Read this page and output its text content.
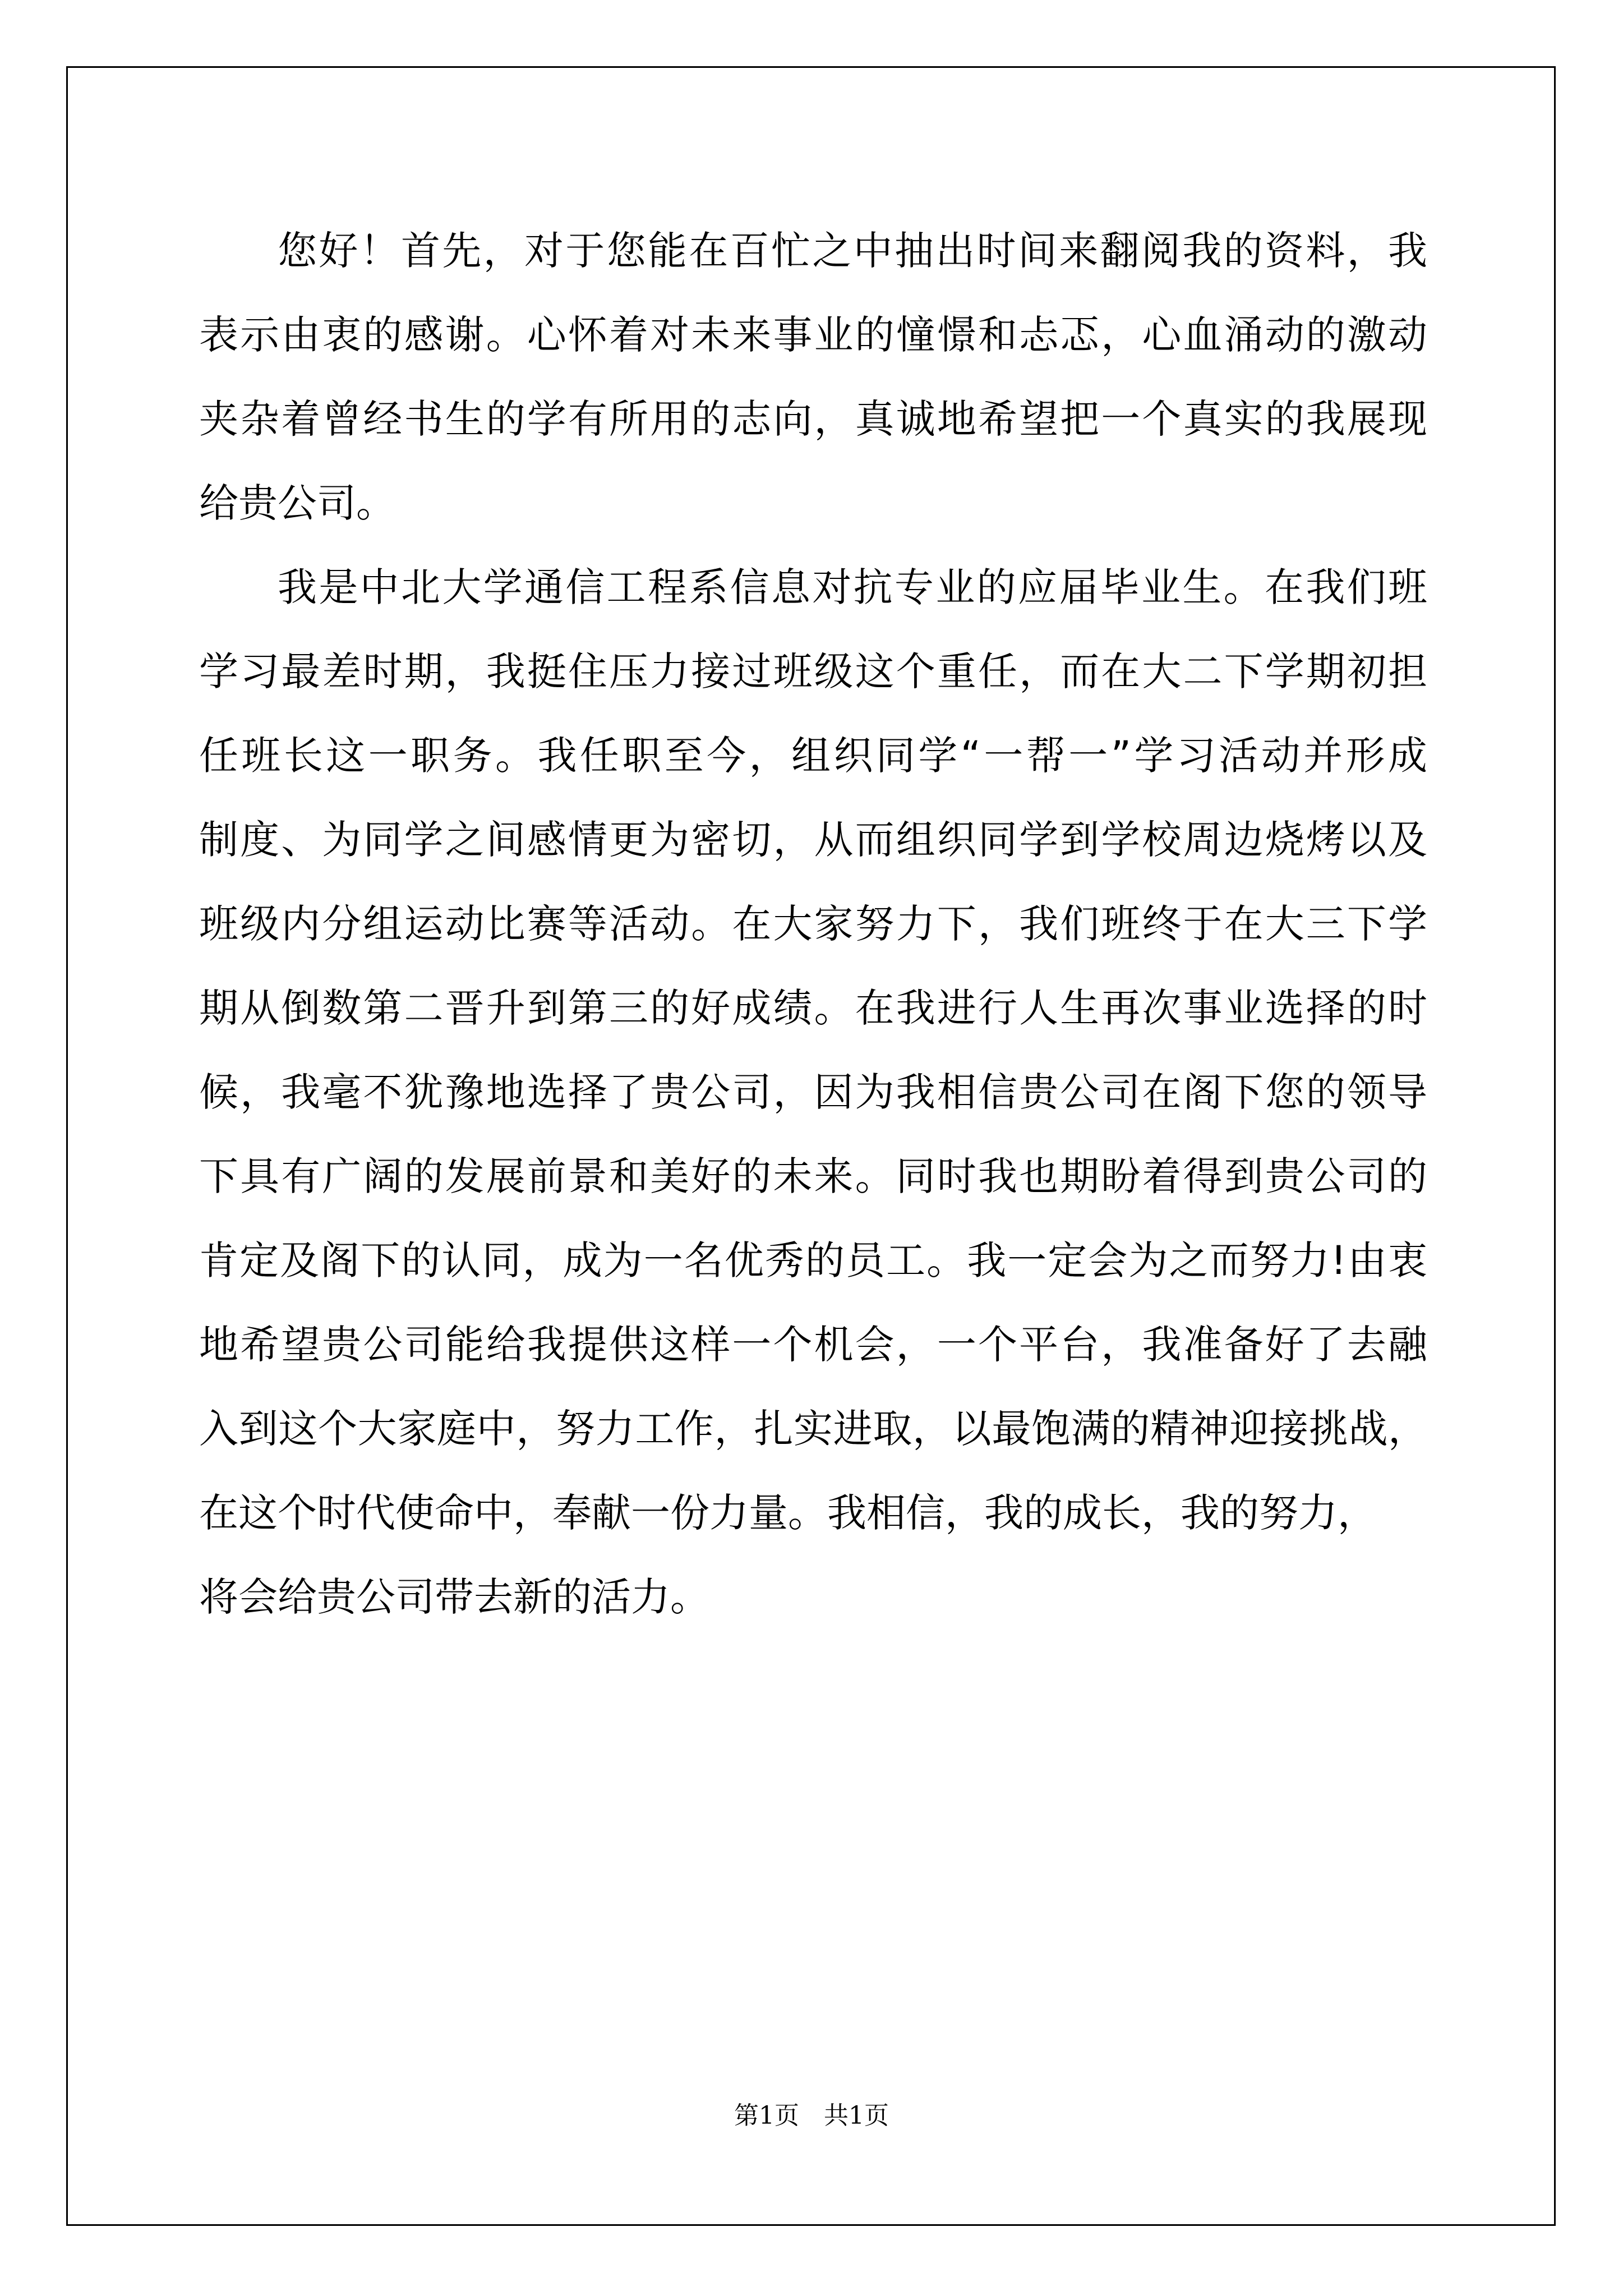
您好！首先，对于您能在百忙之中抽出时间来翻阅我的资料，我
表示由衷的感谢。心怀着对未来事业的憧憬和忐忑，心血涌动的激动
夹杂着曾经书生的学有所用的志向，真诚地希望把一个真实的我展现
给贵公司。
我是中北大学通信工程系信息对抗专业的应届毕业生。在我们班
学习最差时期，我挺住压力接过班级这个重任，而在大二下学期初担
任班长这一职务。我任职至今，组织同学“一帮一”学习活动并形成
制度、为同学之间感情更为密切，从而组织同学到学校周边烧烤以及
班级内分组运动比赛等活动。在大家努力下，我们班终于在大三下学
期从倒数第二晋升到第三的好成绩。在我进行人生再次事业选择的时
候，我毫不犹豫地选择了贵公司，因为我相信贵公司在阁下您的领导
下具有广阔的发展前景和美好的未来。同时我也期盼着得到贵公司的
肯定及阁下的认同，成为一名优秀的员工。我一定会为之而努力!由衷
地希望贵公司能给我提供这样一个机会，一个平台，我准备好了去融
入到这个大家庭中，努力工作，扎实进取，以最饱满的精神迎接挑战，
在这个时代使命中，奉献一份力量。我相信，我的成长，我的努力，
将会给贵公司带去新的活力。
第1页　共1页
